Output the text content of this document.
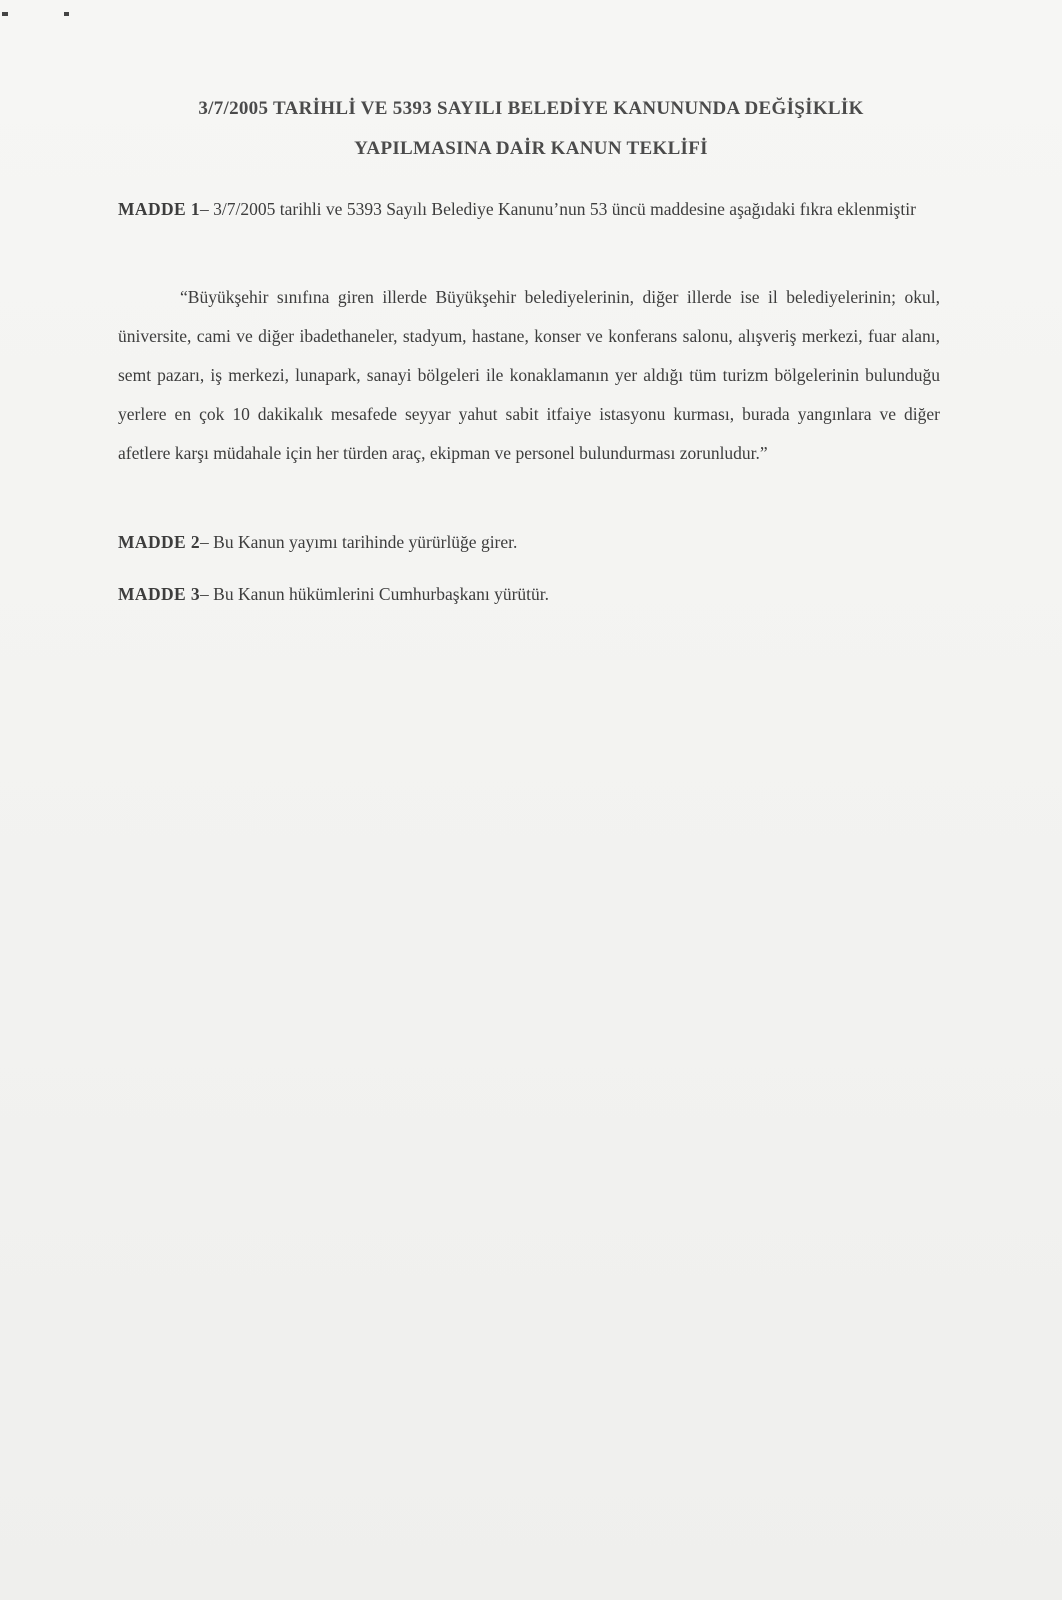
3/7/2005 TARİHLİ VE 5393 SAYILI BELEDİYE KANUNUNDA DEĞİŞİKLİK
YAPILMASINA DAİR KANUN TEKLİFİ
MADDE 1– 3/7/2005 tarihli ve 5393 Sayılı Belediye Kanunu’nun 53 üncü maddesine aşağıdaki fıkra eklenmiştir
“Büyükşehir sınıfına giren illerde Büyükşehir belediyelerinin, diğer illerde ise il belediyelerinin; okul, üniversite, cami ve diğer ibadethaneler, stadyum, hastane, konser ve konferans salonu, alışveriş merkezi, fuar alanı, semt pazarı, iş merkezi, lunapark, sanayi bölgeleri ile konaklamanın yer aldığı tüm turizm bölgelerinin bulunduğu yerlere en çok 10 dakikalık mesafede seyyar yahut sabit itfaiye istasyonu kurması, burada yangınlara ve diğer afetlere karşı müdahale için her türden araç, ekipman ve personel bulundurması zorunludur.”
MADDE 2– Bu Kanun yayımı tarihinde yürürlüğe girer.
MADDE 3– Bu Kanun hükümlerini Cumhurbaşkanı yürütür.
